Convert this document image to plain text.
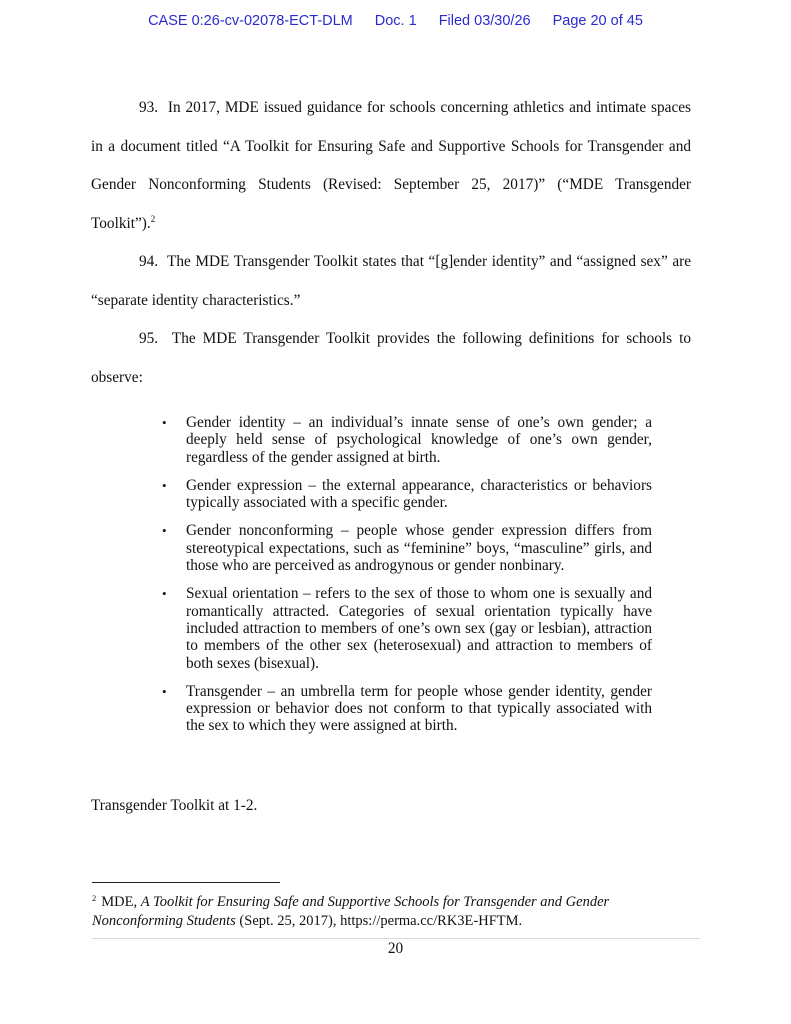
CASE 0:26-cv-02078-ECT-DLM Doc. 1 Filed 03/30/26 Page 20 of 45
93. In 2017, MDE issued guidance for schools concerning athletics and intimate spaces in a document titled “A Toolkit for Ensuring Safe and Supportive Schools for Transgender and Gender Nonconforming Students (Revised: September 25, 2017)” (“MDE Transgender Toolkit”).$^2$
94. The MDE Transgender Toolkit states that “[g]ender identity” and “assigned sex” are “separate identity characteristics.”
95. The MDE Transgender Toolkit provides the following definitions for schools to observe:
• Gender identity – an individual’s innate sense of one’s own gender; a deeply held sense of psychological knowledge of one’s own gender, regardless of the gender assigned at birth.
• Gender expression – the external appearance, characteristics or behaviors typically associated with a specific gender.
• Gender nonconforming – people whose gender expression differs from stereotypical expectations, such as “feminine” boys, “masculine” girls, and those who are perceived as androgynous or gender nonbinary.
• Sexual orientation – refers to the sex of those to whom one is sexually and romantically attracted. Categories of sexual orientation typically have included attraction to members of one’s own sex (gay or lesbian), attraction to members of the other sex (heterosexual) and attraction to members of both sexes (bisexual).
• Transgender – an umbrella term for people whose gender identity, gender expression or behavior does not conform to that typically associated with the sex to which they were assigned at birth.
Transgender Toolkit at 1-2.
$^2$ MDE, A Toolkit for Ensuring Safe and Supportive Schools for Transgender and Gender Nonconforming Students (Sept. 25, 2017), https://perma.cc/RK3E-HFTM.
20
